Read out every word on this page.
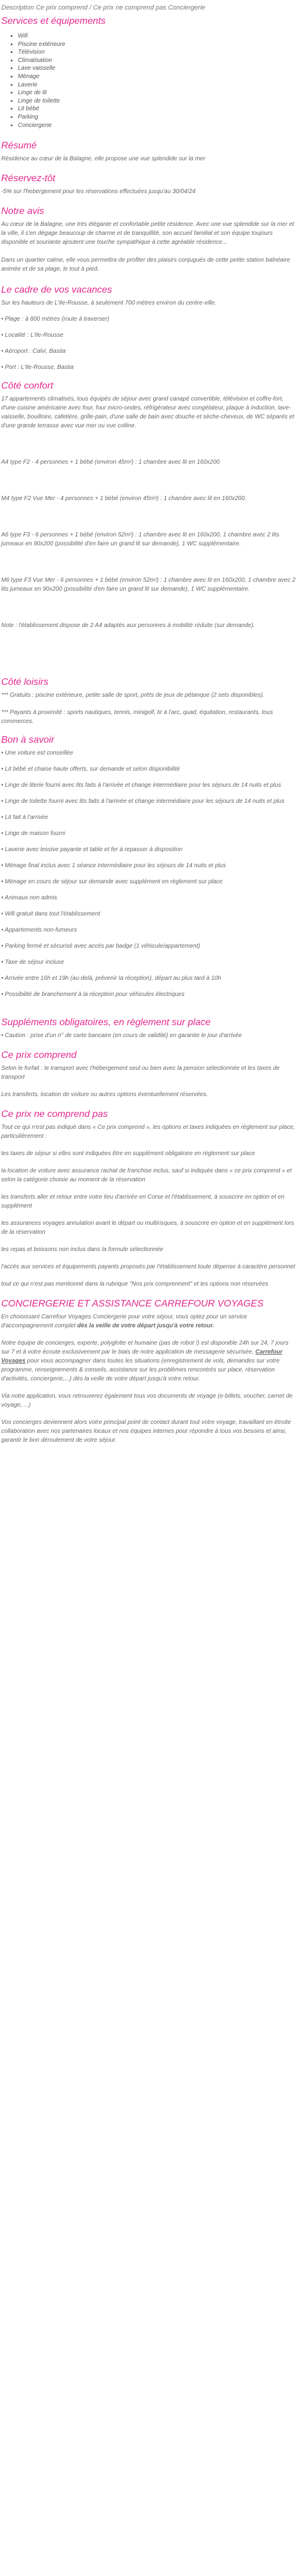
Description Ce prix comprend / Ce prix ne comprend pas Conciergerie

Services et équipements
• Wifi
• Piscine extérieure
• Télévision
• Climatisation
• Lave vaisselle
• Ménage
• Laverie
• Linge de lit
• Linge de toilette
• Lit bébé
• Parking
• Conciergerie
Résumé

Résidence au cœur de la Balagne, elle propose une vue splendide sur la mer

Réservez-tôt

-5% sur l'hebergement pour les réservations effectuées jusqu'au 30/04/24

Notre avis

Au cœur de la Balagne, une très élégante et confortable petite résidence. Avec une vue splendide sur la mer et la ville, il s'en dégage beaucoup de charme et de tranquillité, son accueil familial et son équipe toujours disponible et souriante ajoutent une touche sympathique à cette agréable résidence...

Dans un quartier calme, elle vous permettra de profiter des plaisirs conjugués de cette petite station balnéaire animée et de sa plage, le tout à pied.

Le cadre de vos vacances

Sur les hauteurs de L'Ile-Rousse, à seulement 700 mètres environ du centre-ville.

• Plage : à 800 mètres (route à traverser)

• Localité : L'Ile-Rousse

• Aéroport : Calvi, Bastia

• Port : L'Ile-Rousse, Bastia

Côté confort

17 appartements climatisés, tous équipés de séjour avec grand canapé convertible, télévision et coffre-fort, d'une cuisine américaine avec four, four micro-ondes, réfrigérateur avec congélateur, plaque à induction, lave-vaisselle, bouilloire, cafetière, grille-pain, d'une salle de bain avec douche et sèche-cheveux, de WC séparés et d'une grande terrasse avec vue mer ou vue colline.

A4 type F2 - 4 personnes + 1 bébé (environ 45m²) : 1 chambre avec lit en 160x200

M4 type F2 Vue Mer - 4 personnes + 1 bébé (environ 45m²) : 1 chambre avec lit en 160x200.

A6 type F3 - 6 personnes + 1 bébé (environ 52m²) : 1 chambre avec lit en 160x200, 1 chambre avec 2 lits jumeaux en 90x200 (possibilité d'en faire un grand lit sur demande), 1 WC supplémentaire.

M6 type F3 Vue Mer - 6 personnes + 1 bébé (environ 52m²) : 1 chambre avec lit en 160x200, 1 chambre avec 2 lits jumeaux en 90x200 (possibilité d'en faire un grand lit sur demande), 1 WC supplémentaire.

Note : l'établissement dispose de 2 A4 adaptés aux personnes à mobilité réduite (sur demande).

Côté loisirs

*** Gratuits : piscine extérieure, petite salle de sport, prêts de jeux de pétanque (2 sets disponibles).

*** Payants à proximité : sports nautiques, tennis, minigolf, tir à l'arc, quad, équitation, restaurants, tous commerces.

Bon à savoir

• Une voiture est conseillée

• Lit bébé et chaise haute offerts, sur demande et selon disponibilité

• Linge de literie fourni avec lits faits à l'arrivée et change intermédiaire pour les séjours de 14 nuits et plus

• Linge de toilette fourni avec lits faits à l'arrivée et change intermédiaire pour les séjours de 14 nuits et plus

• Lit fait à l'arrivée

• Linge de maison fourni

• Laverie avec lessive payante et table et fer à repasser à disposition

• Ménage final inclus avec 1 séance intermédiaire pour les séjours de 14 nuits et plus

• Ménage en cours de séjour sur demande avec supplément en règlement sur place

• Animaux non admis

• Wifi gratuit dans tout l'établissement

• Appartements non-fumeurs

• Parking fermé et sécurisé avec accès par badge (1 véhicule/appartement)

• Taxe de séjour incluse

• Arrivée entre 16h et 19h (au-delà, prévenir la réception), départ au plus tard à 10h

• Possibilité de branchement à la réception pour véhicules électriques

Suppléments obligatoires, en règlement sur place

• Caution : prise d'un n° de carte bancaire (en cours de validité) en garantie le jour d'arrivée

Ce prix comprend

Selon le forfait : le transport avec l'hébergement seul ou bien avec la pension sélectionnée et les taxes de transport

Les transferts, location de voiture ou autres options éventuellement réservées.

Ce prix ne comprend pas

Tout ce qui n'est pas indiqué dans « Ce prix comprend », les options et taxes indiquées en règlement sur place, particulièrement :

les taxes de séjour si elles sont indiquées être en supplément obligatoire en règlement sur place

la location de voiture avec assurance rachat de franchise inclus, sauf si indiquée dans « ce prix comprend » et selon la catégorie choisie au moment de la réservation

les transferts aller et retour entre votre lieu d'arrivée en Corse et l'établissement, à souscrire en option et en supplément

les assurances voyages annulation avant le départ ou multirisques, à souscrire en option et en supplément lors de la réservation

les repas et boissons non inclus dans la formule sélectionnée

l'accès aux services et équipements payants proposés par l'établissement toute dépense à caractère personnel

tout ce qui n'est pas mentionné dans la rubrique "Nos prix comprennent" et les options non réservées

CONCIERGERIE ET ASSISTANCE CARREFOUR VOYAGES

En choisissant Carrefour Voyages Conciergerie pour votre séjour, vous optez pour un service d'accompagnement complet dès la veille de votre départ jusqu'à votre retour.

Notre équipe de concierges, experte, polyglotte et humaine (pas de robot !) est disponible 24h sur 24, 7 jours sur 7 et à votre écoute exclusivement par le biais de notre application de messagerie sécurisée, Carrefour Voyages pour vous accompagner dans toutes les situations (enregistrement de vols, demandes sur votre programme, renseignements & conseils, assistance sur les problèmes rencontrés sur place, réservation d'activités, conciergerie,...) dès la veille de votre départ jusqu'à votre retour.

Via notre application, vous retrouverez également tous vos documents de voyage (e-billets, voucher, carnet de voyage, ...)

Vos concierges deviennent alors votre principal point de contact durant tout votre voyage, travaillant en étroite collaboration avec nos partenaires locaux et nos équipes internes pour répondre à tous vos besoins et ainsi, garantir le bon déroulement de votre séjour.
